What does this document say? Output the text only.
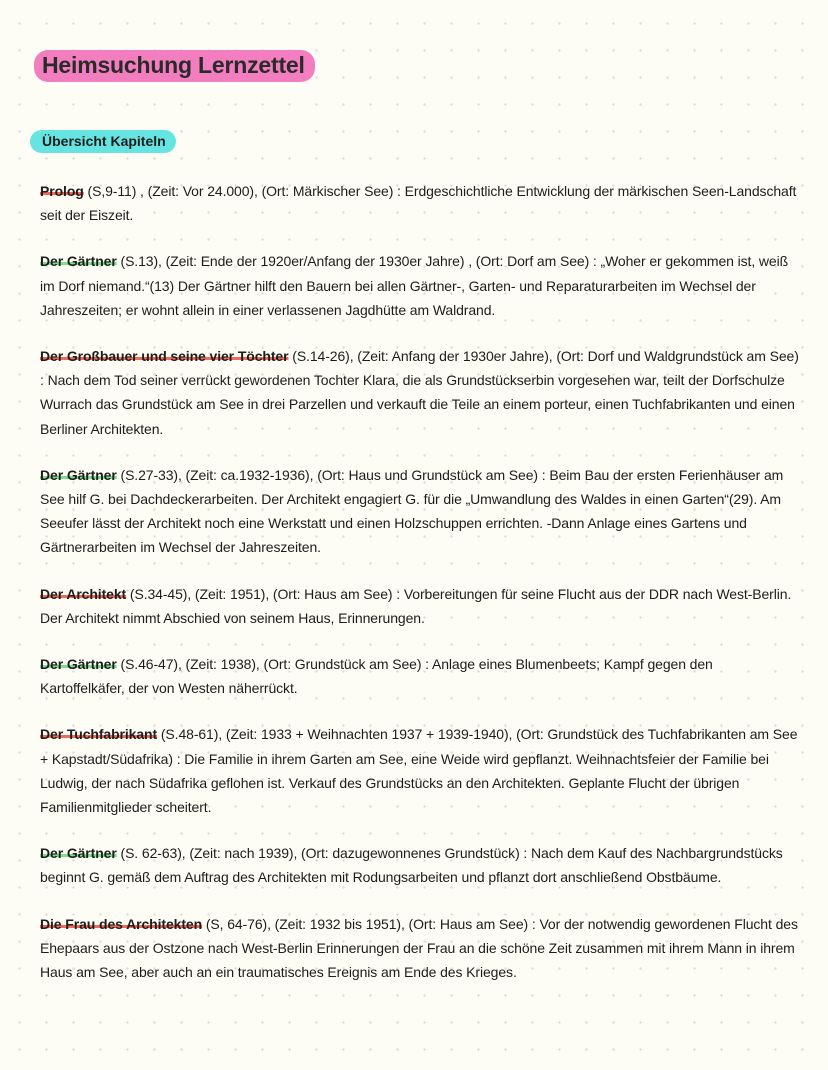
Heimsuchung Lernzettel
Übersicht Kapiteln

Prolog (S,9-11) , (Zeit: Vor 24.000), (Ort: Märkischer See) : Erdgeschichtliche Entwicklung der märkischen Seen-Landschaft seit der Eiszeit.

Der Gärtner (S.13), (Zeit: Ende der 1920er/Anfang der 1930er Jahre) , (Ort: Dorf am See) : „Woher er gekommen ist, weiß im Dorf niemand.“(13) Der Gärtner hilft den Bauern bei allen Gärtner-, Garten- und Reparaturarbeiten im Wechsel der Jahreszeiten; er wohnt allein in einer verlassenen Jagdhütte am Waldrand.

Der Großbauer und seine vier Töchter (S.14-26), (Zeit: Anfang der 1930er Jahre), (Ort: Dorf und Waldgrundstück am See) : Nach dem Tod seiner verrückt gewordenen Tochter Klara, die als Grundstückserbin vorgesehen war, teilt der Dorfschulze Wurrach das Grundstück am See in drei Parzellen und verkauft die Teile an einem porteur, einen Tuchfabrikanten und einen Berliner Architekten.

Der Gärtner (S.27-33), (Zeit: ca.1932-1936), (Ort: Haus und Grundstück am See) : Beim Bau der ersten Ferienhäuser am See hilf G. bei Dachdeckerarbeiten. Der Architekt engagiert G. für die „Umwandlung des Waldes in einen Garten“(29). Am Seeufer lässt der Architekt noch eine Werkstatt und einen Holzschuppen errichten. -Dann Anlage eines Gartens und Gärtnerarbeiten im Wechsel der Jahreszeiten.

Der Architekt (S.34-45), (Zeit: 1951), (Ort: Haus am See) : Vorbereitungen für seine Flucht aus der DDR nach West-Berlin. Der Architekt nimmt Abschied von seinem Haus, Erinnerungen.

Der Gärtner (S.46-47), (Zeit: 1938), (Ort: Grundstück am See) : Anlage eines Blumenbeets; Kampf gegen den Kartoffelkäfer, der von Westen näherrückt.

Der Tuchfabrikant (S.48-61), (Zeit: 1933 + Weihnachten 1937 + 1939-1940), (Ort: Grundstück des Tuchfabrikanten am See + Kapstadt/Südafrika) : Die Familie in ihrem Garten am See, eine Weide wird gepflanzt. Weihnachtsfeier der Familie bei Ludwig, der nach Südafrika geflohen ist. Verkauf des Grundstücks an den Architekten. Geplante Flucht der übrigen Familienmitglieder scheitert.

Der Gärtner (S. 62-63), (Zeit: nach 1939), (Ort: dazugewonnenes Grundstück) : Nach dem Kauf des Nachbargrundstücks beginnt G. gemäß dem Auftrag des Architekten mit Rodungsarbeiten und pflanzt dort anschließend Obstbäume.

Die Frau des Architekten (S, 64-76), (Zeit: 1932 bis 1951), (Ort: Haus am See) : Vor der notwendig gewordenen Flucht des Ehepaars aus der Ostzone nach West-Berlin Erinnerungen der Frau an die schöne Zeit zusammen mit ihrem Mann in ihrem Haus am See, aber auch an ein traumatisches Ereignis am Ende des Krieges.
